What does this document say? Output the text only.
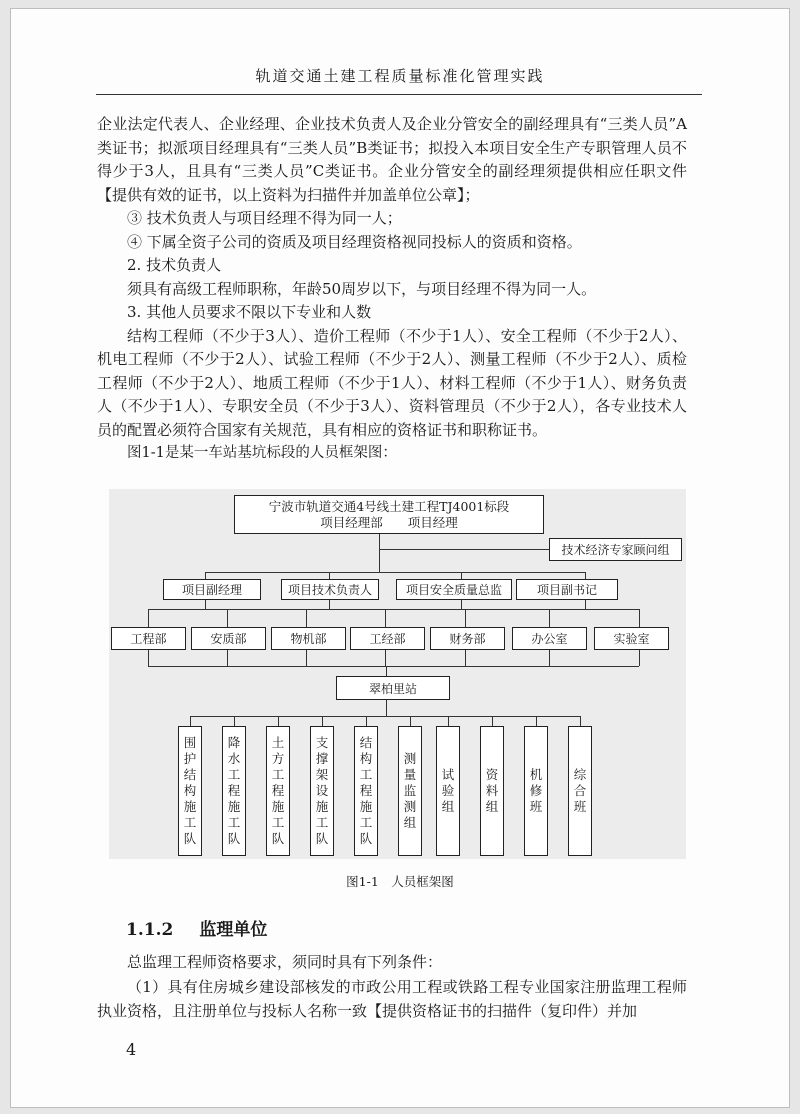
轨道交通土建工程质量标准化管理实践

企业法定代表人、企业经理、企业技术负责人及企业分管安全的副经理具有“三类人员”A类证书；拟派项目经理具有“三类人员”B类证书；拟投入本项目安全生产专职管理人员不得少于3人，且具有“三类人员”C类证书。企业分管安全的副经理须提供相应任职文件【提供有效的证书，以上资料为扫描件并加盖单位公章】；

③ 技术负责人与项目经理不得为同一人；

④ 下属全资子公司的资质及项目经理资格视同投标人的资质和资格。

2. 技术负责人

须具有高级工程师职称，年龄50周岁以下，与项目经理不得为同一人。

3. 其他人员要求不限以下专业和人数

结构工程师（不少于3人）、造价工程师（不少于1人）、安全工程师（不少于2人）、机电工程师（不少于2人）、试验工程师（不少于2人）、测量工程师（不少于2人）、质检工程师（不少于2人）、地质工程师（不少于1人）、材料工程师（不少于1人）、财务负责人（不少于1人）、专职安全员（不少于3人）、资料管理员（不少于2人），各专业技术人员的配置必须符合国家有关规范，具有相应的资格证书和职称证书。

图1-1是某一车站基坑标段的人员框架图：

宁波市轨道交通4号线土建工程TJ4001标段
项目经理部　　项目经理
技术经济专家顾问组
项目副经理	项目技术负责人	项目安全质量总监	项目副书记
工程部	安质部	物机部	工经部	财务部	办公室	实验室
翠柏里站
围
护
结
构
施
工
队
降
水
工
程
施
工
队
土
方
工
程
施
工
队
支
撑
架
设
施
工
队
结
构
工
程
施
工
队
测
量
监
测
组
试
验
组
资
料
组
机
修
班
综
合
班
图1-1　人员框架图
1.1.2 监理单位

总监理工程师资格要求，须同时具有下列条件：

（1）具有住房城乡建设部核发的市政公用工程或铁路工程专业国家注册监理工程师执业资格，且注册单位与投标人名称一致【提供资格证书的扫描件（复印件）并加

4
